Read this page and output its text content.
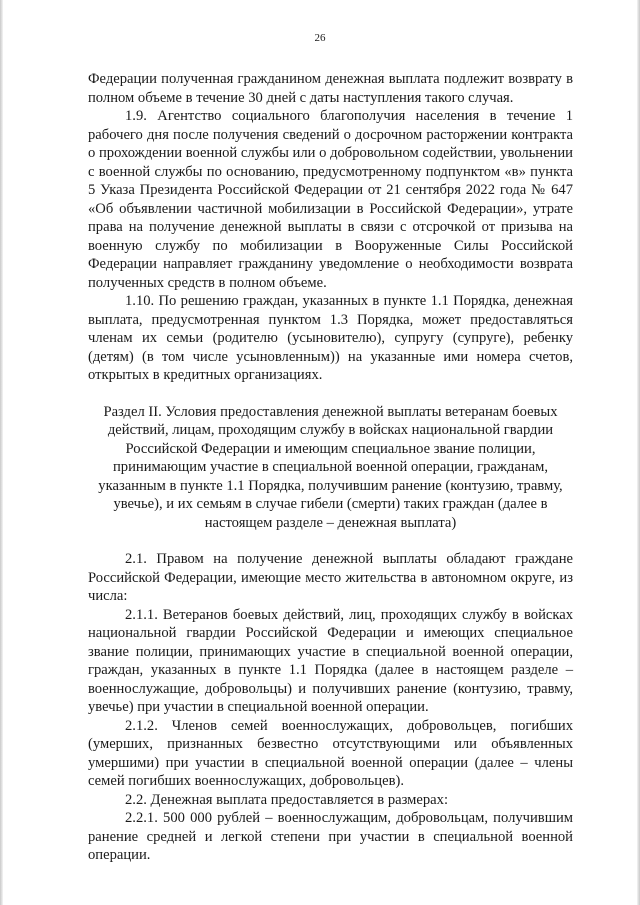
26

Федерации полученная гражданином денежная выплата подлежит возврату в полном объеме в течение 30 дней с даты наступления такого случая.

1.9. Агентство социального благополучия населения в течение 1 рабочего дня после получения сведений о досрочном расторжении контракта о прохождении военной службы или о добровольном содействии, увольнении с военной службы по основанию, предусмотренному подпунктом «в» пункта 5 Указа Президента Российской Федерации от 21 сентября 2022 года № 647 «Об объявлении частичной мобилизации в Российской Федерации», утрате права на получение денежной выплаты в связи с отсрочкой от призыва на военную службу по мобилизации в Вооруженные Силы Российской Федерации направляет гражданину уведомление о необходимости возврата полученных средств в полном объеме.

1.10. По решению граждан, указанных в пункте 1.1 Порядка, денежная выплата, предусмотренная пунктом 1.3 Порядка, может предоставляться членам их семьи (родителю (усыновителю), супругу (супруге), ребенку (детям) (в том числе усыновленным)) на указанные ими номера счетов, открытых в кредитных организациях.

Раздел II. Условия предоставления денежной выплаты ветеранам боевых действий, лицам, проходящим службу в войсках национальной гвардии Российской Федерации и имеющим специальное звание полиции, принимающим участие в специальной военной операции, гражданам, указанным в пункте 1.1 Порядка, получившим ранение (контузию, травму, увечье), и их семьям в случае гибели (смерти) таких граждан (далее в настоящем разделе – денежная выплата)

2.1. Правом на получение денежной выплаты обладают граждане Российской Федерации, имеющие место жительства в автономном округе, из числа:

2.1.1. Ветеранов боевых действий, лиц, проходящих службу в войсках национальной гвардии Российской Федерации и имеющих специальное звание полиции, принимающих участие в специальной военной операции, граждан, указанных в пункте 1.1 Порядка (далее в настоящем разделе – военнослужащие, добровольцы) и получивших ранение (контузию, травму, увечье) при участии в специальной военной операции.

2.1.2. Членов семей военнослужащих, добровольцев, погибших (умерших, признанных безвестно отсутствующими или объявленных умершими) при участии в специальной военной операции (далее – члены семей погибших военнослужащих, добровольцев).

2.2. Денежная выплата предоставляется в размерах:

2.2.1. 500 000 рублей – военнослужащим, добровольцам, получившим ранение средней и легкой степени при участии в специальной военной операции.
